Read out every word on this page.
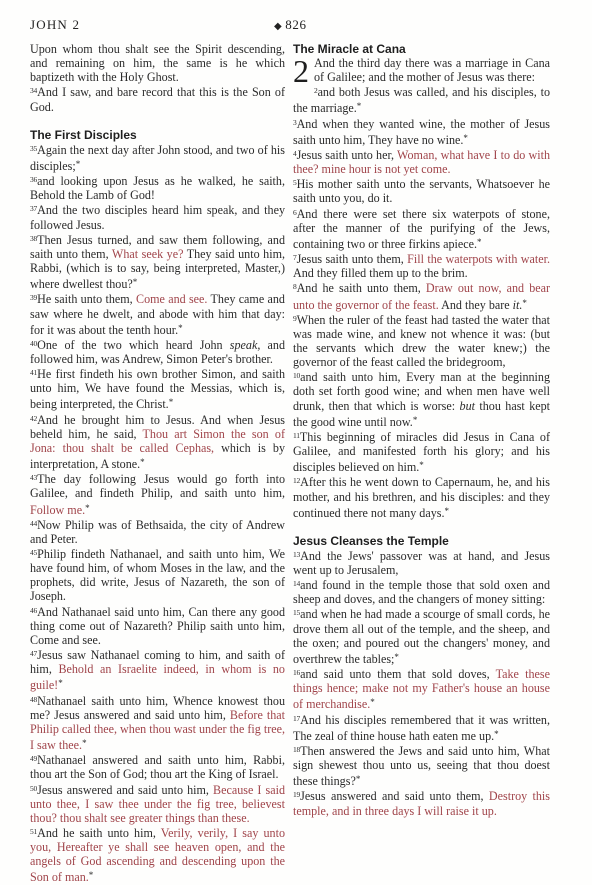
JOHN 2	◆ 826

Upon whom thou shalt see the Spirit descending, and remaining on him, the same is he which baptizeth with the Holy Ghost.

$^{34}$And I saw, and bare record that this is the Son of God.

The First Disciples

$^{35}$Again the next day after John stood, and two of his disciples;*

$^{36}$and looking upon Jesus as he walked, he saith, Behold the Lamb of God!

$^{37}$And the two disciples heard him speak, and they followed Jesus.

$^{38}$Then Jesus turned, and saw them following, and saith unto them, What seek ye? They said unto him, Rabbi, (which is to say, being interpreted, Master,) where dwellest thou?*

$^{39}$He saith unto them, Come and see. They came and saw where he dwelt, and abode with him that day: for it was about the tenth hour.*

$^{40}$One of the two which heard John speak, and followed him, was Andrew, Simon Peter's brother.

$^{41}$He first findeth his own brother Simon, and saith unto him, We have found the Messias, which is, being interpreted, the Christ.*

$^{42}$And he brought him to Jesus. And when Jesus beheld him, he said, Thou art Simon the son of Jona: thou shalt be called Cephas, which is by interpretation, A stone.*

$^{43}$The day following Jesus would go forth into Galilee, and findeth Philip, and saith unto him, Follow me.*

$^{44}$Now Philip was of Bethsaida, the city of Andrew and Peter.

$^{45}$Philip findeth Nathanael, and saith unto him, We have found him, of whom Moses in the law, and the prophets, did write, Jesus of Nazareth, the son of Joseph.

$^{46}$And Nathanael said unto him, Can there any good thing come out of Nazareth? Philip saith unto him, Come and see.

$^{47}$Jesus saw Nathanael coming to him, and saith of him, Behold an Israelite indeed, in whom is no guile!*

$^{48}$Nathanael saith unto him, Whence knowest thou me? Jesus answered and said unto him, Before that Philip called thee, when thou wast under the fig tree, I saw thee.*

$^{49}$Nathanael answered and saith unto him, Rabbi, thou art the Son of God; thou art the King of Israel.

$^{50}$Jesus answered and said unto him, Because I said unto thee, I saw thee under the fig tree, believest thou? thou shalt see greater things than these.

$^{51}$And he saith unto him, Verily, verily, I say unto you, Hereafter ye shall see heaven open, and the angels of God ascending and descending upon the Son of man.*

The Miracle at Cana

2 And the third day there was a marriage in Cana of Galilee; and the mother of Jesus was there:

$^2$and both Jesus was called, and his disciples, to the marriage.*

$^3$And when they wanted wine, the mother of Jesus saith unto him, They have no wine.*

$^4$Jesus saith unto her, Woman, what have I to do with thee? mine hour is not yet come.

$^5$His mother saith unto the servants, Whatsoever he saith unto you, do it.

$^6$And there were set there six waterpots of stone, after the manner of the purifying of the Jews, containing two or three firkins apiece.*

$^7$Jesus saith unto them, Fill the waterpots with water. And they filled them up to the brim.

$^8$And he saith unto them, Draw out now, and bear unto the governor of the feast. And they bare it.*

$^9$When the ruler of the feast had tasted the water that was made wine, and knew not whence it was: (but the servants which drew the water knew;) the governor of the feast called the bridegroom,

$^{10}$and saith unto him, Every man at the beginning doth set forth good wine; and when men have well drunk, then that which is worse: but thou hast kept the good wine until now.*

$^{11}$This beginning of miracles did Jesus in Cana of Galilee, and manifested forth his glory; and his disciples believed on him.*

$^{12}$After this he went down to Capernaum, he, and his mother, and his brethren, and his disciples: and they continued there not many days.*

Jesus Cleanses the Temple

$^{13}$And the Jews' passover was at hand, and Jesus went up to Jerusalem,

$^{14}$and found in the temple those that sold oxen and sheep and doves, and the changers of money sitting:

$^{15}$and when he had made a scourge of small cords, he drove them all out of the temple, and the sheep, and the oxen; and poured out the changers' money, and overthrew the tables;*

$^{16}$and said unto them that sold doves, Take these things hence; make not my Father's house an house of merchandise.*

$^{17}$And his disciples remembered that it was written, The zeal of thine house hath eaten me up.*

$^{18}$Then answered the Jews and said unto him, What sign shewest thou unto us, seeing that thou doest these things?*

$^{19}$Jesus answered and said unto them, Destroy this temple, and in three days I will raise it up.
